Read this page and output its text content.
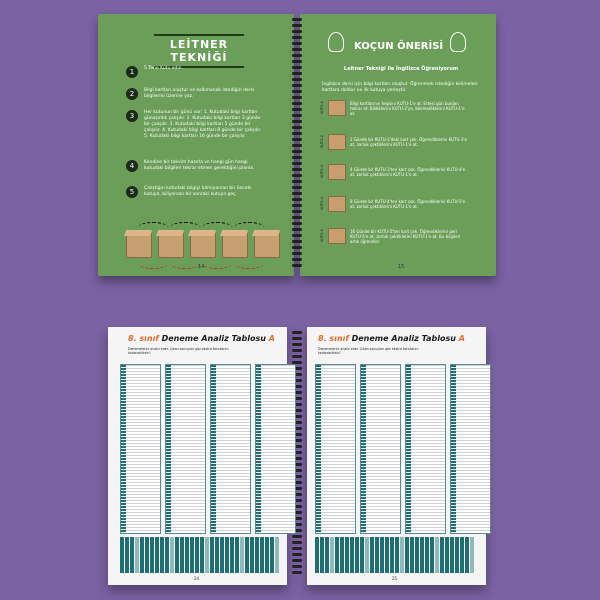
LEİTNER
TEKNİĞİ
1	5 Tane Kutu edin.
2	Bilgi kartları oluştur ve kalkmanak istediğin dersi bilgilerini üzerine yaz.
3	Her kutunun bir günü var: 1. Kutudaki bilgi kartları günaşırılık çalışılır. 2. Kutudaki bilgi kartları 3 günde bir çalışılır. 3. Kutudaki bilgi kartları 5 günde bir çalışılır. 4. Kutudaki bilgi kartları 8 günde bir çalışılır. 5. Kutudaki bilgi kartları 16 günde bir çalışılır.
4	Kendine bir takvim hazırla ve hangi gün hangi kutudaki bilgileri tekrar etmen gerektiğini planla.
5	Çalıştığın kutudaki bilgiyi bilmiyorsan bir önceki kutuya, biliyorsan bir sonraki kutuya geç.
14
KOÇUN ÖNERİSİ
Leitner Tekniği ile İngilizce Öğreniyorum
İngilizce dersi için bilgi kartları oluştur. Öğrenmek istediğin kelimeleri kartlara doldur ve ilk kutuya yerleştir.
KUTU-1	Bilgi kartlarının hepsini KUTU-1'e at. Ertesi gün bunları tekrar et. Bildiklerini KUTU-2'ye, bilemediklerini KUTU-1'e at.
KUTU-2	2 Günde bir KUTU-2'deki kart çek. Öğrendiklerini KUTU-3'e at, zorluk çektiklerini KUTU-1'e at.
KUTU-3	4 Günde bir KUTU-3'ten kart çek. Öğrendiklerini KUTU-4'e at, zorluk çektiklerini KUTU-1'e at.
KUTU-4	8 Günde bir KUTU-4'ten kart çek. Öğrendiklerini KUTU-5'e at, zorluk çektiklerini KUTU-1'e at.
KUTU-5	16 Günde bir KUTU-5'ten kart çek. Öğrendiklerini geri KUTU-5'e at, zorluk çektiklerini KUTU-1'e at. Bu bilgileri artık öğrendin!
15
8. sınıf Deneme Analiz Tablosu A
Denemelerini analiz eder. Çıkan sonuçları göz ekstra konularını kaldırabilirsin!
24
8. sınıf Deneme Analiz Tablosu A
Denemelerini analiz eder. Çıkan sonuçları göz ekstra konularını kaldırabilirsin!
25
